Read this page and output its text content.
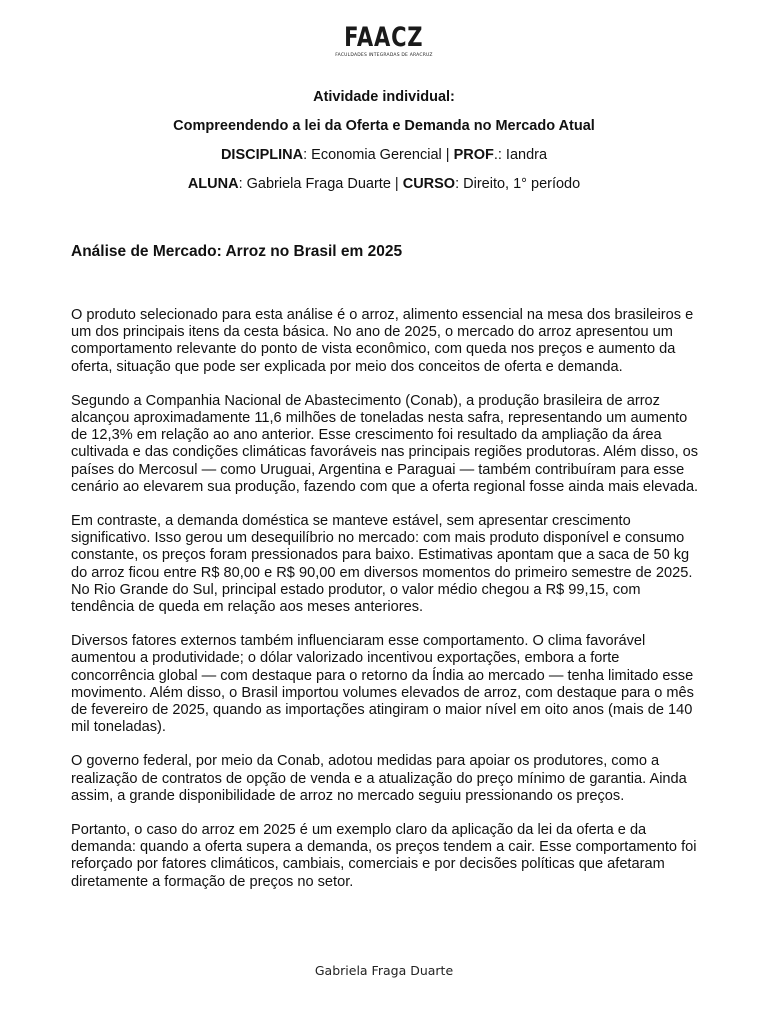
FAACZ
FACULDADES INTEGRADAS DE ARACRUZ
Atividade individual:
Compreendendo a lei da Oferta e Demanda no Mercado Atual
DISCIPLINA: Economia Gerencial | PROF.: Iandra
ALUNA: Gabriela Fraga Duarte | CURSO: Direito, 1° período
Análise de Mercado: Arroz no Brasil em 2025

O produto selecionado para esta análise é o arroz, alimento essencial na mesa dos brasileiros e um dos principais itens da cesta básica. No ano de 2025, o mercado do arroz apresentou um comportamento relevante do ponto de vista econômico, com queda nos preços e aumento da oferta, situação que pode ser explicada por meio dos conceitos de oferta e demanda.

Segundo a Companhia Nacional de Abastecimento (Conab), a produção brasileira de arroz alcançou aproximadamente 11,6 milhões de toneladas nesta safra, representando um aumento de 12,3% em relação ao ano anterior. Esse crescimento foi resultado da ampliação da área cultivada e das condições climáticas favoráveis nas principais regiões produtoras. Além disso, os países do Mercosul — como Uruguai, Argentina e Paraguai — também contribuíram para esse cenário ao elevarem sua produção, fazendo com que a oferta regional fosse ainda mais elevada.

Em contraste, a demanda doméstica se manteve estável, sem apresentar crescimento significativo. Isso gerou um desequilíbrio no mercado: com mais produto disponível e consumo constante, os preços foram pressionados para baixo. Estimativas apontam que a saca de 50 kg do arroz ficou entre R$ 80,00 e R$ 90,00 em diversos momentos do primeiro semestre de 2025. No Rio Grande do Sul, principal estado produtor, o valor médio chegou a R$ 99,15, com tendência de queda em relação aos meses anteriores.

Diversos fatores externos também influenciaram esse comportamento. O clima favorável aumentou a produtividade; o dólar valorizado incentivou exportações, embora a forte concorrência global — com destaque para o retorno da Índia ao mercado — tenha limitado esse movimento. Além disso, o Brasil importou volumes elevados de arroz, com destaque para o mês de fevereiro de 2025, quando as importações atingiram o maior nível em oito anos (mais de 140 mil toneladas).

O governo federal, por meio da Conab, adotou medidas para apoiar os produtores, como a realização de contratos de opção de venda e a atualização do preço mínimo de garantia. Ainda assim, a grande disponibilidade de arroz no mercado seguiu pressionando os preços.

Portanto, o caso do arroz em 2025 é um exemplo claro da aplicação da lei da oferta e da demanda: quando a oferta supera a demanda, os preços tendem a cair. Esse comportamento foi reforçado por fatores climáticos, cambiais, comerciais e por decisões políticas que afetaram diretamente a formação de preços no setor.

Gabriela Fraga Duarte
